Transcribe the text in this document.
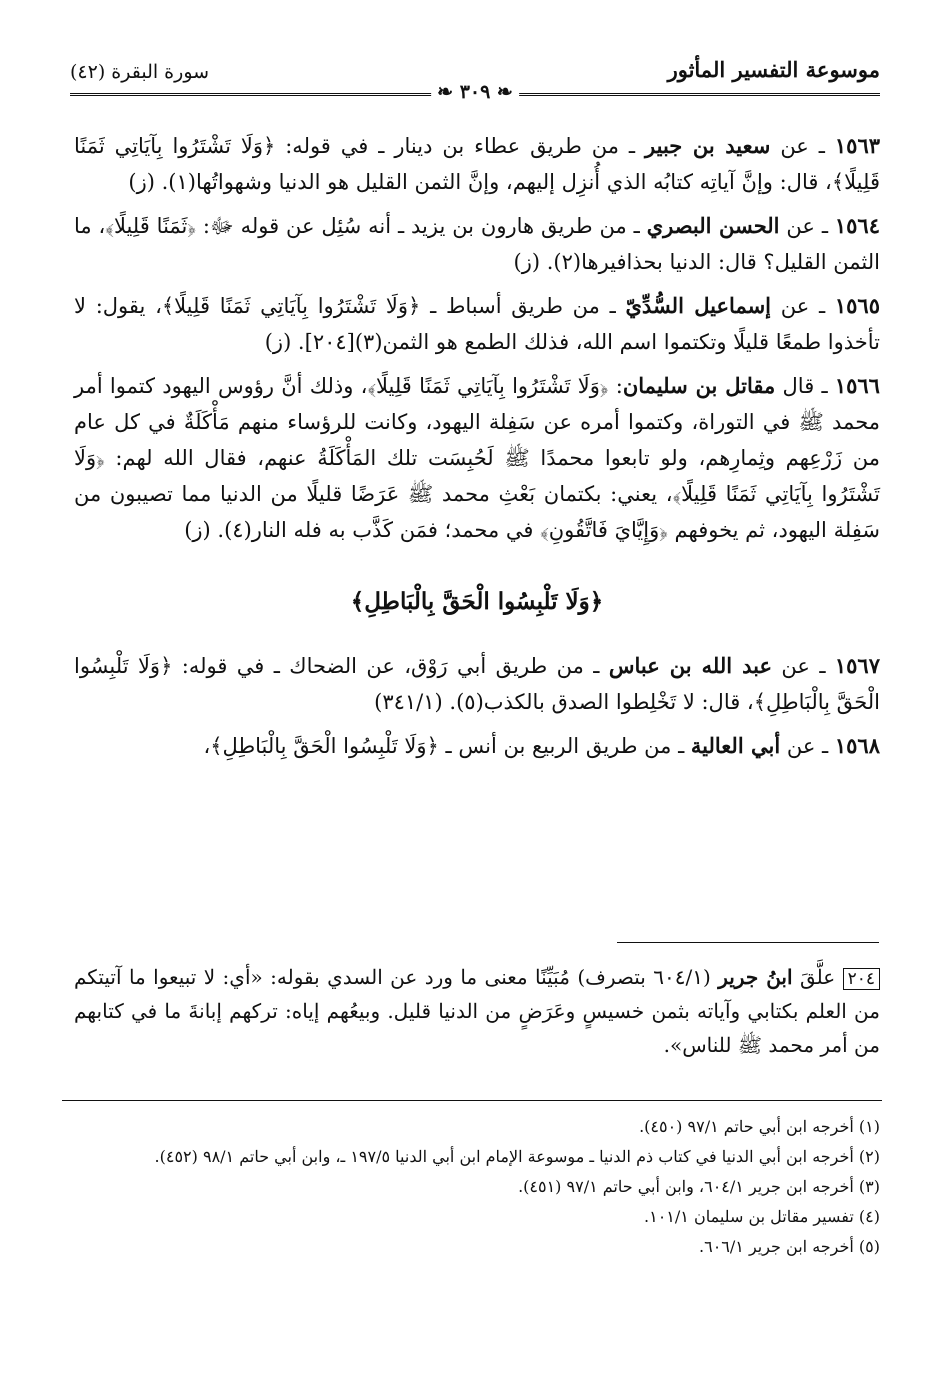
موسوعة التفسير المأثور
سورة البقرة (٤٢)
❧ ٣٠٩ ❧

١٥٦٣ ـ عن سعيد بن جبير ـ من طريق عطاء بن دينار ـ في قوله: ﴿وَلَا تَشْتَرُوا بِآيَاتِي ثَمَنًا قَلِيلًا﴾، قال: وإنَّ آياتِه كتابُه الذي أُنزِل إليهم، وإنَّ الثمن القليل هو الدنيا وشهواتُها(١). (ز)

١٥٦٤ ـ عن الحسن البصري ـ من طريق هارون بن يزيد ـ أنه سُئِل عن قوله ﷻ: ﴿ثَمَنًا قَلِيلًا﴾، ما الثمن القليل؟ قال: الدنيا بحذافيرها(٢). (ز)

١٥٦٥ ـ عن إسماعيل السُّدِّيّ ـ من طريق أسباط ـ ﴿وَلَا تَشْتَرُوا بِآيَاتِي ثَمَنًا قَلِيلًا﴾، يقول: لا تأخذوا طمعًا قليلًا وتكتموا اسم الله، فذلك الطمع هو الثمن(٣)[٢٠٤]. (ز)

١٥٦٦ ـ قال مقاتل بن سليمان: ﴿وَلَا تَشْتَرُوا بِآيَاتِي ثَمَنًا قَلِيلًا﴾، وذلك أنَّ رؤوس اليهود كتموا أمر محمد ﷺ في التوراة، وكتموا أمره عن سَفِلة اليهود، وكانت للرؤساء منهم مَأْكَلَةٌ في كل عام من زَرْعِهم وثِمارِهم، ولو تابعوا محمدًا ﷺ لَحُبِسَت تلك المَأْكَلَةُ عنهم، فقال الله لهم: ﴿وَلَا تَشْتَرُوا بِآيَاتِي ثَمَنًا قَلِيلًا﴾، يعني: بكتمان بَعْثِ محمد ﷺ عَرَضًا قليلًا من الدنيا مما تصيبون من سَفِلة اليهود، ثم يخوفهم ﴿وَإِيَّايَ فَاتَّقُونِ﴾ في محمد؛ فمَن كَذَّب به فله النار(٤). (ز)

﴿وَلَا تَلْبِسُوا الْحَقَّ بِالْبَاطِلِ﴾

١٥٦٧ ـ عن عبد الله بن عباس ـ من طريق أبي رَوْق، عن الضحاك ـ في قوله: ﴿وَلَا تَلْبِسُوا الْحَقَّ بِالْبَاطِلِ﴾، قال: لا تَخْلِطوا الصدق بالكذب(٥). (٣٤١/١)

١٥٦٨ ـ عن أبي العالية ـ من طريق الربيع بن أنس ـ ﴿وَلَا تَلْبِسُوا الْحَقَّ بِالْبَاطِلِ﴾،

٢٠٤ علَّقَ ابنُ جرير (٦٠٤/١ بتصرف) مُبَيِّنًا معنى ما ورد عن السدي بقوله: «أي: لا تبيعوا ما آتيتكم من العلم بكتابي وآياته بثمن خسيسٍ وعَرَضٍ من الدنيا قليل. وبيعُهم إياه: تركهم إبانةَ ما في كتابهم من أمر محمد ﷺ للناس».

(١) أخرجه ابن أبي حاتم ٩٧/١ (٤٥٠).

(٢) أخرجه ابن أبي الدنيا في كتاب ذم الدنيا ـ موسوعة الإمام ابن أبي الدنيا ١٩٧/٥ ـ، وابن أبي حاتم ٩٨/١ (٤٥٢).

(٣) أخرجه ابن جرير ٦٠٤/١، وابن أبي حاتم ٩٧/١ (٤٥١).

(٤) تفسير مقاتل بن سليمان ١٠١/١.

(٥) أخرجه ابن جرير ٦٠٦/١.
